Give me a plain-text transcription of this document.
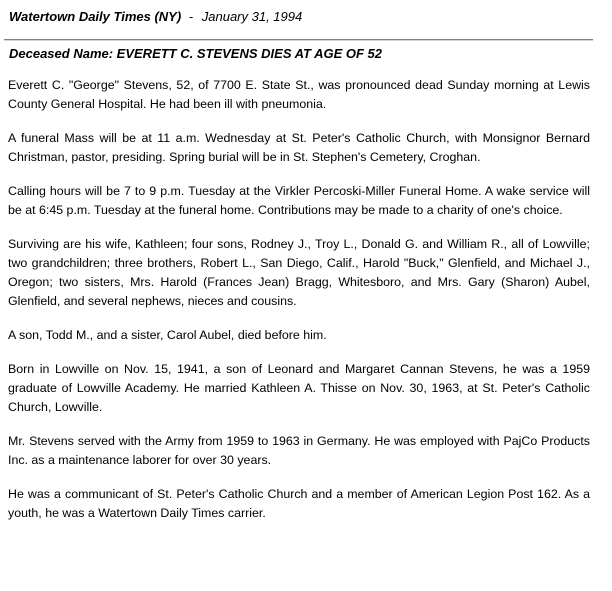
Watertown Daily Times (NY) - January 31, 1994
Deceased Name: EVERETT C. STEVENS DIES AT AGE OF 52

Everett C. "George" Stevens, 52, of 7700 E. State St., was pronounced dead Sunday morning at Lewis County General Hospital. He had been ill with pneumonia.

A funeral Mass will be at 11 a.m. Wednesday at St. Peter's Catholic Church, with Monsignor Bernard Christman, pastor, presiding. Spring burial will be in St. Stephen's Cemetery, Croghan.

Calling hours will be 7 to 9 p.m. Tuesday at the Virkler Percoski-Miller Funeral Home. A wake service will be at 6:45 p.m. Tuesday at the funeral home. Contributions may be made to a charity of one's choice.

Surviving are his wife, Kathleen; four sons, Rodney J., Troy L., Donald G. and William R., all of Lowville; two grandchildren; three brothers, Robert L., San Diego, Calif., Harold "Buck," Glenfield, and Michael J., Oregon; two sisters, Mrs. Harold (Frances Jean) Bragg, Whitesboro, and Mrs. Gary (Sharon) Aubel, Glenfield, and several nephews, nieces and cousins.

A son, Todd M., and a sister, Carol Aubel, died before him.

Born in Lowville on Nov. 15, 1941, a son of Leonard and Margaret Cannan Stevens, he was a 1959 graduate of Lowville Academy. He married Kathleen A. Thisse on Nov. 30, 1963, at St. Peter's Catholic Church, Lowville.

Mr. Stevens served with the Army from 1959 to 1963 in Germany. He was employed with PajCo Products Inc. as a maintenance laborer for over 30 years.

He was a communicant of St. Peter's Catholic Church and a member of American Legion Post 162. As a youth, he was a Watertown Daily Times carrier.
